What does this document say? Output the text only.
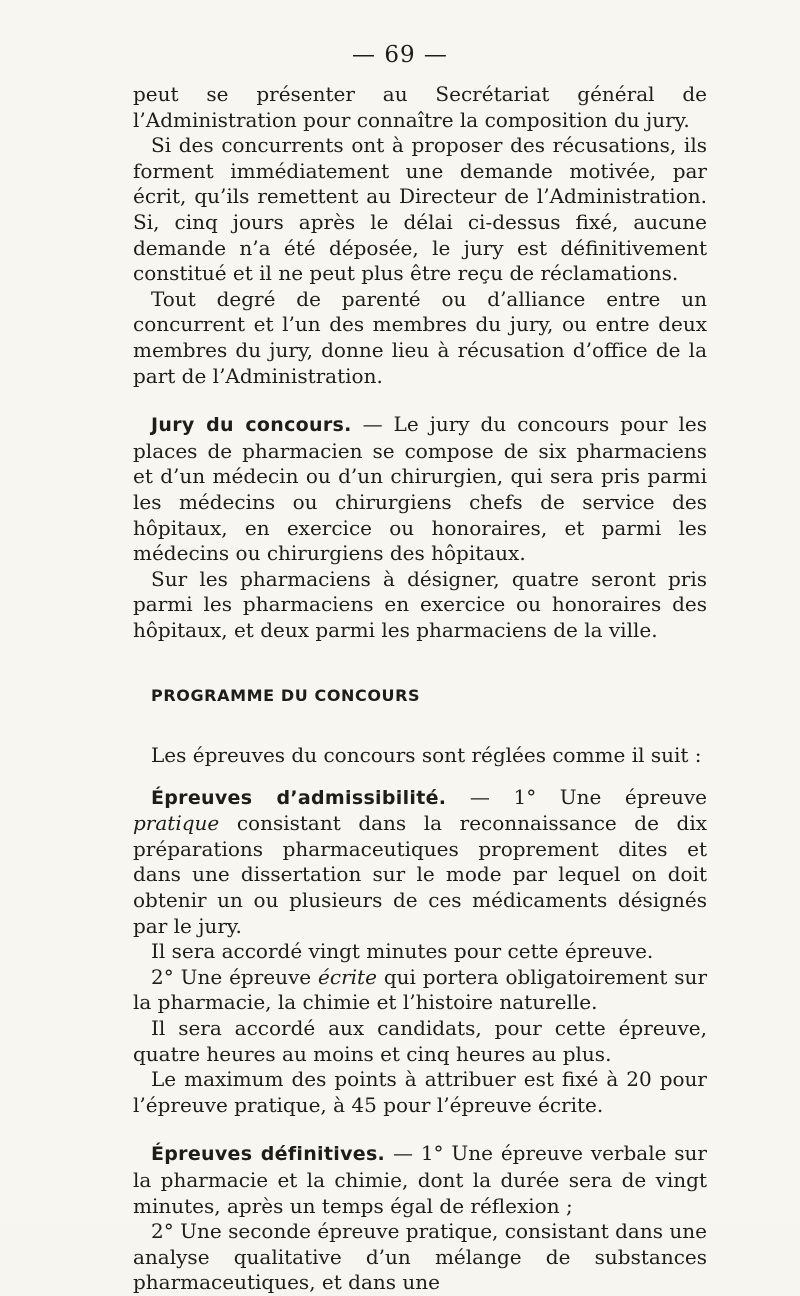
— 69 —

peut se présenter au Secrétariat général de l’Administration pour connaître la composition du jury.

Si des concurrents ont à proposer des récusations, ils forment immédiatement une demande motivée, par écrit, qu’ils remettent au Directeur de l’Administration. Si, cinq jours après le délai ci-dessus fixé, aucune demande n’a été déposée, le jury est définitivement constitué et il ne peut plus être reçu de réclamations.

Tout degré de parenté ou d’alliance entre un concurrent et l’un des membres du jury, ou entre deux membres du jury, donne lieu à récusation d’office de la part de l’Administration.

Jury du concours. — Le jury du concours pour les places de pharmacien se compose de six pharmaciens et d’un médecin ou d’un chirurgien, qui sera pris parmi les médecins ou chirurgiens chefs de service des hôpitaux, en exercice ou honoraires, et parmi les médecins ou chirurgiens des hôpitaux.

Sur les pharmaciens à désigner, quatre seront pris parmi les pharmaciens en exercice ou honoraires des hôpitaux, et deux parmi les pharmaciens de la ville.

PROGRAMME DU CONCOURS

Les épreuves du concours sont réglées comme il suit :

Épreuves d’admissibilité. — 1° Une épreuve pratique consistant dans la reconnaissance de dix préparations pharmaceutiques proprement dites et dans une dissertation sur le mode par lequel on doit obtenir un ou plusieurs de ces médicaments désignés par le jury.

Il sera accordé vingt minutes pour cette épreuve.

2° Une épreuve écrite qui portera obligatoirement sur la pharmacie, la chimie et l’histoire naturelle.

Il sera accordé aux candidats, pour cette épreuve, quatre heures au moins et cinq heures au plus.

Le maximum des points à attribuer est fixé à 20 pour l’épreuve pratique, à 45 pour l’épreuve écrite.

Épreuves définitives. — 1° Une épreuve verbale sur la pharmacie et la chimie, dont la durée sera de vingt minutes, après un temps égal de réflexion ;

2° Une seconde épreuve pratique, consistant dans une analyse qualitative d’un mélange de substances pharmaceutiques, et dans une
